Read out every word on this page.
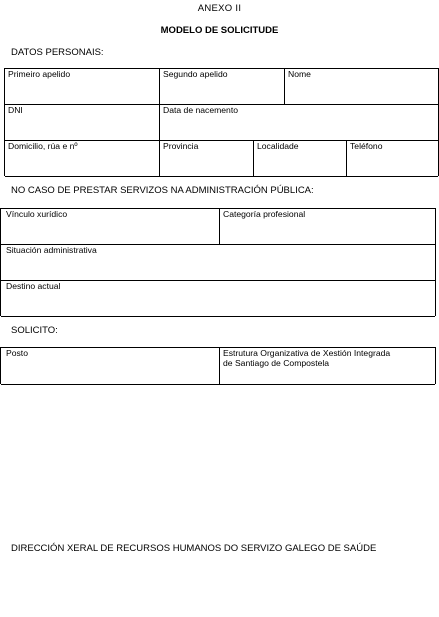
ANEXO II
MODELO DE SOLICITUDE
DATOS PERSONAIS:
Primeiro apelido	Segundo apelido	Nome
DNI	Data de nacemento
Domicilio, rúa e nº	Provincia	Localidade	Teléfono
NO CASO DE PRESTAR SERVIZOS NA ADMINISTRACIÓN PÚBLICA:
Vínculo xurídico	Categoría profesional
Situación administrativa
Destino actual
SOLICITO:
Posto	Estrutura Organizativa de Xestión Integrada
de Santiago de Compostela
DIRECCIÓN XERAL DE RECURSOS HUMANOS DO SERVIZO GALEGO DE SAÚDE
